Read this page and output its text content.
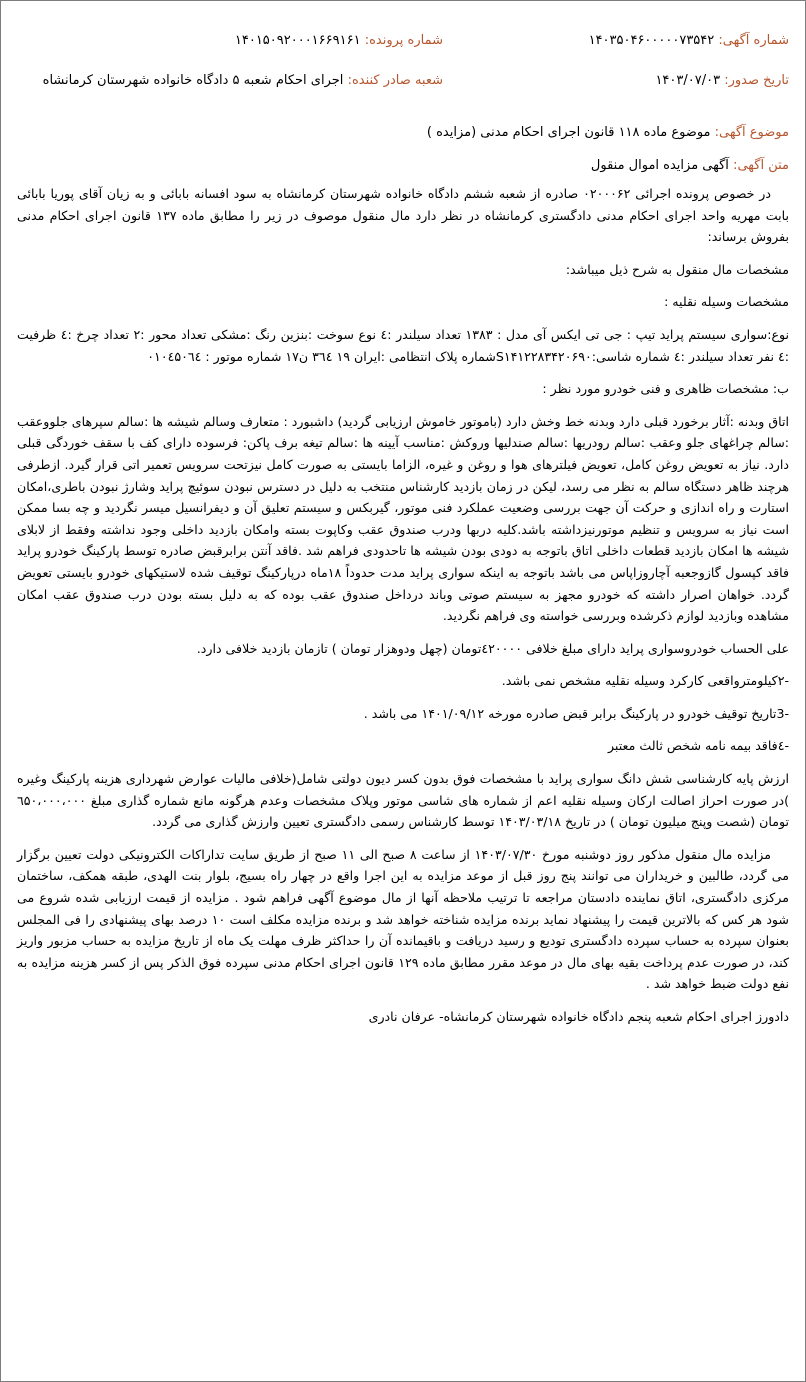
شماره آگهی: ۱۴۰۳۵۰۴۶۰۰۰۰۰۷۳۵۴۲
شماره پرونده: ۱۴۰۱۵۰۹۲۰۰۰۱۶۶۹۱۶۱
تاریخ صدور: ۱۴۰۳/۰۷/۰۳
شعبه صادر کننده: اجرای احکام شعبه ۵ دادگاه خانواده شهرستان کرمانشاه
موضوع آگهی: موضوع ماده ۱۱۸ قانون اجرای احکام مدنی (مزایده )
متن آگهی: آگهی مزایده اموال منقول

در خصوص پرونده اجرائی ۰۲۰۰۰۶۲ صادره از شعبه ششم دادگاه خانواده شهرستان کرمانشاه به سود افسانه بابائی و به زیان آقای پوریا بابائی بابت مهریه واحد اجرای احکام مدنی دادگستری کرمانشاه در نظر دارد مال منقول موصوف در زیر را مطابق ماده ۱۳۷ قانون اجرای احکام مدنی بفروش برساند:

مشخصات مال منقول به شرح ذیل میباشد:

مشخصات وسیله نقلیه :

نوع:سواری سیستم پراید تیپ : جی تی ایکس آی مدل : ۱۳۸۳ تعداد سیلندر :٤ نوع سوخت :بنزین رنگ :مشکی تعداد محور :۲ تعداد چرخ :٤ ظرفیت :٤ نفر تعداد سیلندر :٤ شماره شاسی:S۱۴۱۲۲۸۳۴۲۰۶۹۰شماره پلاک انتظامی :ایران ۱۹ ۳٦٤ ن۱۷ شماره موتور : ۰۱۰٤۵۰٦٤

ب: مشخصات ظاهری و فنی خودرو مورد نظر :

اتاق وبدنه :آثار برخورد قبلی دارد وبدنه خط وخش دارد (باموتور خاموش ارزیابی گردید) داشبورد : متعارف وسالم شیشه ها :سالم سپرهای جلووعقب :سالم چراغهای جلو وعقب :سالم رودریها :سالم صندلیها وروکش :مناسب آیینه ها :سالم تیغه برف پاکن: فرسوده دارای کف با سقف خوردگی قبلی دارد. نیاز به تعویض روغن کامل، تعویض فیلترهای هوا و روغن و غیره، الزاما بایستی به صورت کامل نیزتحت سرویس تعمیر اتی قرار گیرد. ازطرفی هرچند ظاهر دستگاه سالم به نظر می رسد، لیکن در زمان بازدید کارشناس منتخب به دلیل در دسترس نبودن سوئیچ پراید وشارژ نبودن باطری،امکان استارت و راه اندازی و حرکت آن جهت بررسی وضعیت عملکرد فنی موتور، گیربکس و سیستم تعلیق آن و دیفرانسیل میسر نگردید و چه بسا ممکن است نیاز به سرویس و تنظیم موتورنیزداشته باشد.کلیه دربها ودرب صندوق عقب وکاپوت بسته وامکان بازدید داخلی وجود نداشته وفقط از لابلای شیشه ها امکان بازدید قطعات داخلی اتاق باتوجه به دودی بودن شیشه ها تاحدودی فراهم شد .فاقد آنتن برابرقبض صادره توسط پارکینگ خودرو پراید فاقد کپسول گازوجعبه آچاروزاپاس می باشد باتوجه به اینکه سواری پراید مدت حدوداً ۱۸ماه درپارکینگ توقیف شده لاستیکهای خودرو بایستی تعویض گردد. خواهان اصرار داشته که خودرو مجهز به سیستم صوتی وباند درداخل صندوق عقب بوده که به دلیل بسته بودن درب صندوق عقب امکان مشاهده وبازدید لوازم ذکرشده وبررسی خواسته وی فراهم نگردید.

علی الحساب خودروسواری پراید دارای مبلغ خلافی ٤۲۰۰۰۰تومان (چهل ودوهزار تومان ) تازمان بازدید خلافی دارد.

-۲کیلومترواقعی کارکرد وسیله نقلیه مشخص نمی باشد.

-3تاریخ توقیف خودرو در پارکینگ برابر قبض صادره مورخه ۱۴۰۱/۰۹/۱۲ می باشد .

-٤فاقد بیمه نامه شخص ثالث معتبر

ارزش پایه کارشناسی شش دانگ سواری پراید با مشخصات فوق بدون کسر دیون دولتی شامل(خلافی مالیات عوارض شهرداری هزینه پارکینگ وغیره )در صورت احراز اصالت ارکان وسیله نقلیه اعم از شماره های شاسی موتور وپلاک مشخصات وعدم هرگونه مانع شماره گذاری مبلغ ٦۵۰،۰۰۰،۰۰۰ تومان (شصت وپنج میلیون تومان ) در تاریخ ۱۴۰۳/۰۳/۱۸ توسط کارشناس رسمی دادگستری تعیین وارزش گذاری می گردد.

مزایده مال منقول مذکور روز دوشنبه مورخ ۱۴۰۳/۰۷/۳۰ از ساعت ۸ صبح الی ۱۱ صبح از طریق سایت تداراکات الکترونیکی دولت تعیین برگزار می گردد، طالبین و خریداران می توانند پنج روز قبل از موعد مزایده به این اجرا واقع در چهار راه بسیج، بلوار بنت الهدی، طبقه همکف، ساختمان مرکزی دادگستری، اتاق نماینده دادستان مراجعه تا ترتیب ملاحظه آنها از مال موضوع آگهی فراهم شود . مزایده از قیمت ارزیابی شده شروع می شود هر کس که بالاترین قیمت را پیشنهاد نماید برنده مزایده شناخته خواهد شد و برنده مزایده مکلف است ۱۰ درصد بهای پیشنهادی را فی المجلس بعنوان سپرده به حساب سپرده دادگستری تودیع و رسید دریافت و باقیمانده آن را حداکثر ظرف مهلت یک ماه از تاریخ مزایده به حساب مزبور واریز کند، در صورت عدم پرداخت بقیه بهای مال در موعد مقرر مطابق ماده ۱۲۹ قانون اجرای احکام مدنی سپرده فوق الذکر پس از کسر هزینه مزایده به نفع دولت ضبط خواهد شد .

دادورز اجرای احکام شعبه پنجم دادگاه خانواده شهرستان کرمانشاه- عرفان نادری
